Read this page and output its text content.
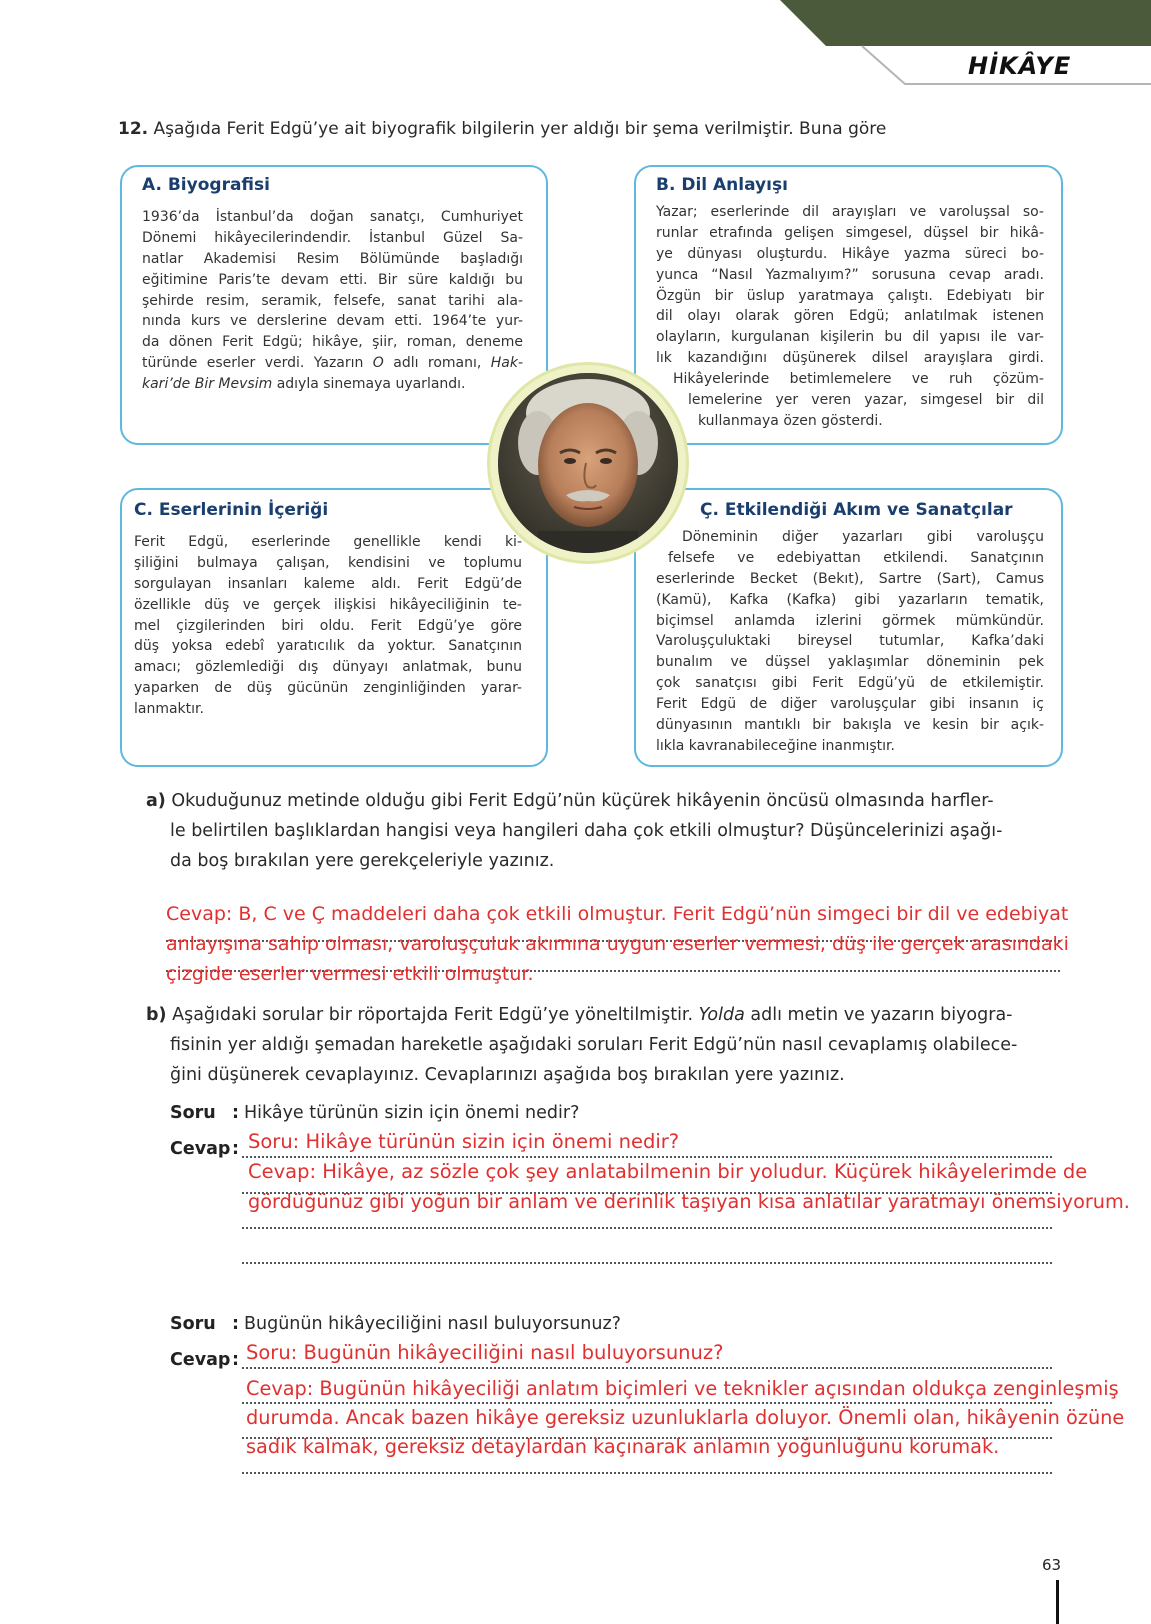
HİKÂYE
12. Aşağıda Ferit Edgü’ye ait biyografik bilgilerin yer aldığı bir şema verilmiştir. Buna göre
A. Biyografisi
1936’da İstanbul’da doğan sanatçı, Cumhuriyet
Dönemi hikâyecilerindendir. İstanbul Güzel Sa-
natlar Akademisi Resim Bölümünde başladığı
eğitimine Paris’te devam etti. Bir süre kaldığı bu
şehirde resim, seramik, felsefe, sanat tarihi ala-
nında kurs ve derslerine devam etti. 1964’te yur-
da dönen Ferit Edgü; hikâye, şiir, roman, deneme
türünde eserler verdi. Yazarın O adlı romanı, Hak-
kari’de Bir Mevsim adıyla sinemaya uyarlandı.
B. Dil Anlayışı
Yazar; eserlerinde dil arayışları ve varoluşsal so-
runlar etrafında gelişen simgesel, düşsel bir hikâ-
ye dünyası oluşturdu. Hikâye yazma süreci bo-
yunca “Nasıl Yazmalıyım?” sorusuna cevap aradı.
Özgün bir üslup yaratmaya çalıştı. Edebiyatı bir
dil olayı olarak gören Edgü; anlatılmak istenen
olayların, kurgulanan kişilerin bu dil yapısı ile var-
lık kazandığını düşünerek dilsel arayışlara girdi.
Hikâyelerinde betimlemelere ve ruh çözüm-
lemelerine yer veren yazar, simgesel bir dil
kullanmaya özen gösterdi.
C. Eserlerinin İçeriği
Ferit Edgü, eserlerinde genellikle kendi ki-
şiliğini bulmaya çalışan, kendisini ve toplumu
sorgulayan insanları kaleme aldı. Ferit Edgü’de
özellikle düş ve gerçek ilişkisi hikâyeciliğinin te-
mel çizgilerinden biri oldu. Ferit Edgü’ye göre
düş yoksa edebî yaratıcılık da yoktur. Sanatçının
amacı; gözlemlediği dış dünyayı anlatmak, bunu
yaparken de düş gücünün zenginliğinden yarar-
lanmaktır.
Ç. Etkilendiği Akım ve Sanatçılar
Döneminin diğer yazarları gibi varoluşçu
felsefe ve edebiyattan etkilendi. Sanatçının
eserlerinde Becket (Bekıt), Sartre (Sart), Camus
(Kamü), Kafka (Kafka) gibi yazarların tematik,
biçimsel anlamda izlerini görmek mümkündür.
Varoluşçuluktaki bireysel tutumlar, Kafka’daki
bunalım ve düşsel yaklaşımlar döneminin pek
çok sanatçısı gibi Ferit Edgü’yü de etkilemiştir.
Ferit Edgü de diğer varoluşçular gibi insanın iç
dünyasının mantıklı bir bakışla ve kesin bir açık-
lıkla kavranabileceğine inanmıştır.
a) Okuduğunuz metinde olduğu gibi Ferit Edgü’nün küçürek hikâyenin öncüsü olmasında harfler-
le belirtilen başlıklardan hangisi veya hangileri daha çok etkili olmuştur? Düşüncelerinizi aşağı-
da boş bırakılan yere gerekçeleriyle yazınız.
Cevap: B, C ve Ç maddeleri daha çok etkili olmuştur. Ferit Edgü’nün simgeci bir dil ve edebiyat
anlayışına sahip olması, varoluşçuluk akımına uygun eserler vermesi, düş ile gerçek arasındaki
çizgide eserler vermesi etkili olmuştur.
b) Aşağıdaki sorular bir röportajda Ferit Edgü’ye yöneltilmiştir. Yolda adlı metin ve yazarın biyogra-
fisinin yer aldığı şemadan hareketle aşağıdaki soruları Ferit Edgü’nün nasıl cevaplamış olabilece-
ğini düşünerek cevaplayınız. Cevaplarınızı aşağıda boş bırakılan yere yazınız.
Soru : Hikâye türünün sizin için önemi nedir?
Cevap : Soru: Hikâye türünün sizin için önemi nedir?
Cevap: Hikâye, az sözle çok şey anlatabilmenin bir yoludur. Küçürek hikâyelerimde de
gördüğünüz gibi yoğun bir anlam ve derinlik taşıyan kısa anlatılar yaratmayı önemsiyorum.
Soru : Bugünün hikâyeciliğini nasıl buluyorsunuz?
Cevap : Soru: Bugünün hikâyeciliğini nasıl buluyorsunuz?
Cevap: Bugünün hikâyeciliği anlatım biçimleri ve teknikler açısından oldukça zenginleşmiş
durumda. Ancak bazen hikâye gereksiz uzunluklarla doluyor. Önemli olan, hikâyenin özüne
sadık kalmak, gereksiz detaylardan kaçınarak anlamın yoğunluğunu korumak.
63
